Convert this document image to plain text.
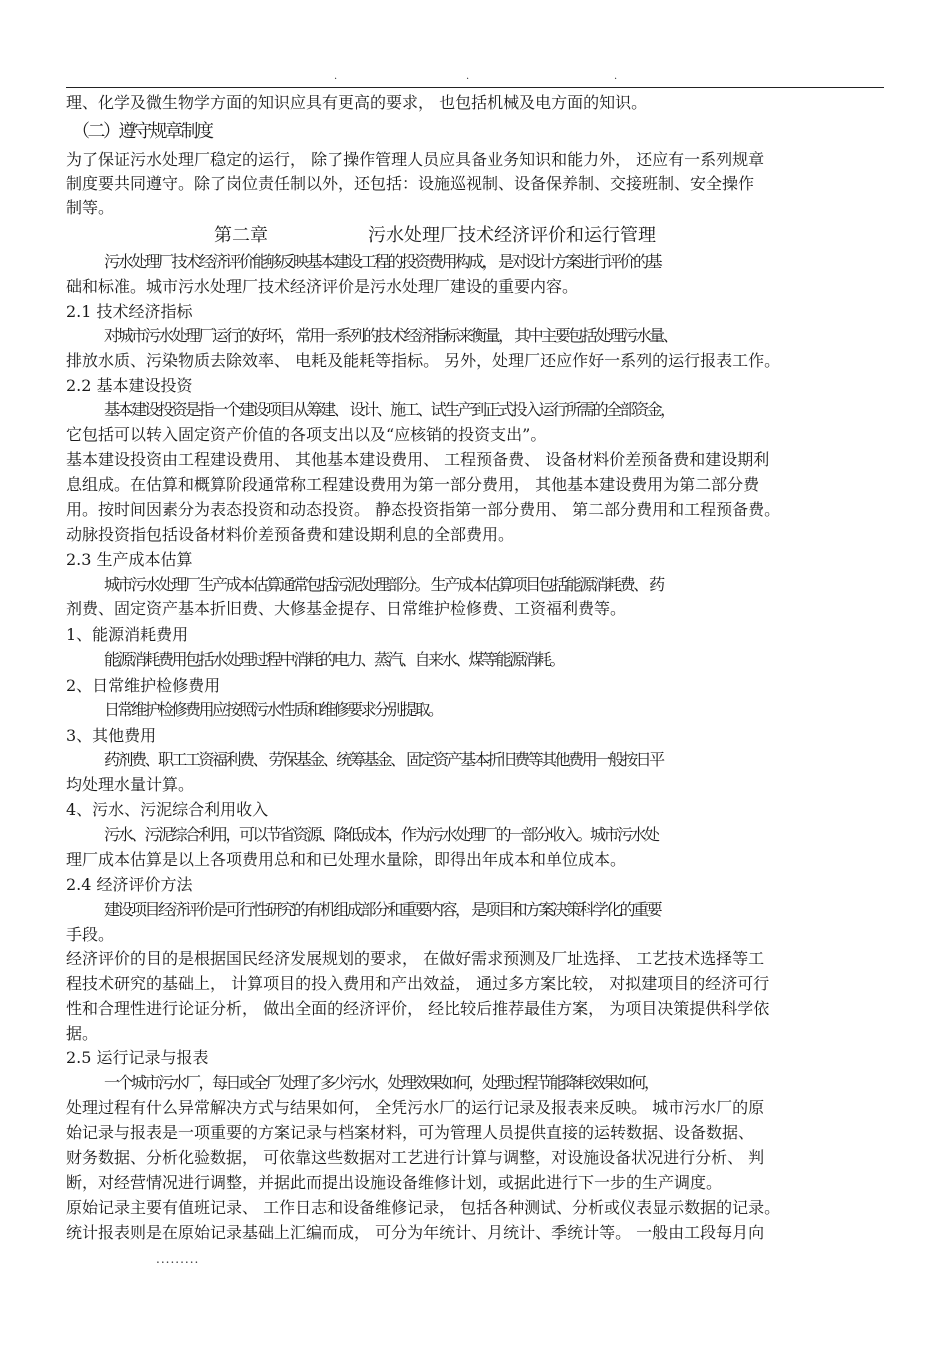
.	.	.
理、化学及微生物学方面的知识应具有更高的要求， 也包括机械及电方面的知识。
（二）遵守规章制度
为了保证污水处理厂稳定的运行， 除了操作管理人员应具备业务知识和能力外， 还应有一系列规章
制度要共同遵守。除了岗位责任制以外，还包括：设施巡视制、设备保养制、交接班制、安全操作
制等。
第二章	污水处理厂技术经济评价和运行管理
污水处理厂技术经济评价能够反映基本建设工程的投资费用构成， 是对设计方案进行评价的基
础和标准。城市污水处理厂技术经济评价是污水处理厂建设的重要内容。
2.1 技术经济指标
对城市污水处理厂运行的好坏， 常用一系列的技术经济指标来衡量， 其中主要包括处理污水量、
排放水质、污染物质去除效率、 电耗及能耗等指标。 另外，处理厂还应作好一系列的运行报表工作。
2.2 基本建设投资
基本建设投资是指一个建设项目从筹建、 设计、施工、试生产到正式投入运行所需的全部资金，
它包括可以转入固定资产价值的各项支出以及“应核销的投资支出”。
基本建设投资由工程建设费用、 其他基本建设费用、 工程预备费、 设备材料价差预备费和建设期利
息组成。在估算和概算阶段通常称工程建设费用为第一部分费用， 其他基本建设费用为第二部分费
用。按时间因素分为表态投资和动态投资。 静态投资指第一部分费用、 第二部分费用和工程预备费。
动脉投资指包括设备材料价差预备费和建设期利息的全部费用。
2.3 生产成本估算
城市污水处理厂生产成本估算通常包括污泥处理部分。 生产成本估算项目包括能源消耗费、 药
剂费、固定资产基本折旧费、大修基金提存、日常维护检修费、工资福利费等。
1、能源消耗费用
能源消耗费用包括水处理过程中消耗的电力、蒸汽、自来水、煤等能源消耗。
2、日常维护检修费用
日常维护检修费用应按照污水性质和维修要求分别提取。
3、其他费用
药剂费、职工工资福利费、 劳保基金、统筹基金、 固定资产基本折旧费等其他费用一般按日平
均处理水量计算。
4、污水、污泥综合利用收入
污水、污泥综合利用，可以节省资源、降低成本，作为污水处理厂的一部分收入。城市污水处
理厂成本估算是以上各项费用总和和已处理水量除，即得出年成本和单位成本。
2.4 经济评价方法
建设项目经济评价是可行性研究的有机组成部分和重要内容， 是项目和方案决策科学化的重要
手段。
经济评价的目的是根据国民经济发展规划的要求， 在做好需求预测及厂址选择、 工艺技术选择等工
程技术研究的基础上， 计算项目的投入费用和产出效益， 通过多方案比较， 对拟建项目的经济可行
性和合理性进行论证分析， 做出全面的经济评价， 经比较后推荐最佳方案， 为项目决策提供科学依
据。
2.5 运行记录与报表
一个城市污水厂，每日或全厂处理了多少污水，处理效果如何，处理过程节能降耗效果如何，
处理过程有什么异常解决方式与结果如何， 全凭污水厂的运行记录及报表来反映。 城市污水厂的原
始记录与报表是一项重要的方案记录与档案材料，可为管理人员提供直接的运转数据、设备数据、
财务数据、分析化验数据， 可依靠这些数据对工艺进行计算与调整，对设施设备状况进行分析、 判
断，对经营情况进行调整，并据此而提出设施设备维修计划，或据此进行下一步的生产调度。
原始记录主要有值班记录、 工作日志和设备维修记录， 包括各种测试、分析或仪表显示数据的记录。
统计报表则是在原始记录基础上汇编而成， 可分为年统计、月统计、季统计等。 一般由工段每月向
.........
